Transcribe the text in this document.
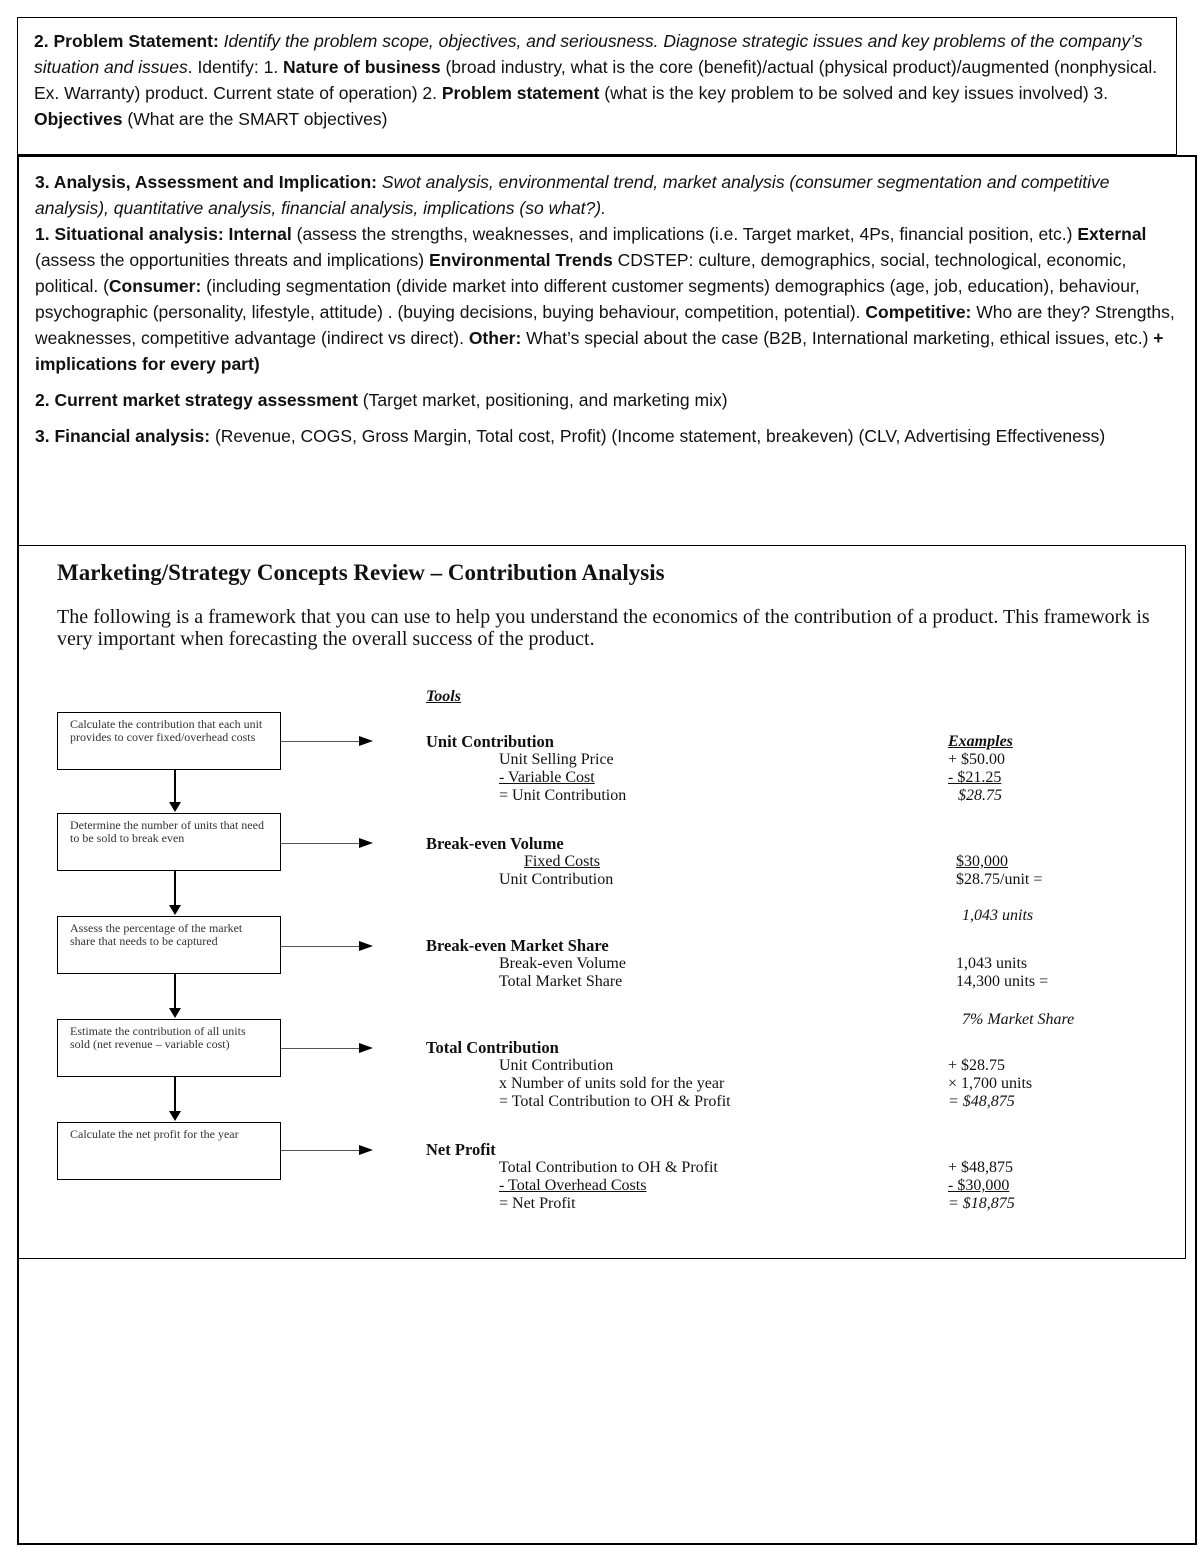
2. Problem Statement: Identify the problem scope, objectives, and seriousness. Diagnose strategic issues and key problems of the company’s situation and issues. Identify: 1. Nature of business (broad industry, what is the core (benefit)/actual (physical product)/augmented (nonphysical. Ex. Warranty) product. Current state of operation) 2. Problem statement (what is the key problem to be solved and key issues involved) 3. Objectives (What are the SMART objectives)

3. Analysis, Assessment and Implication: Swot analysis, environmental trend, market analysis (consumer segmentation and competitive analysis), quantitative analysis, financial analysis, implications (so what?).

1. Situational analysis: Internal (assess the strengths, weaknesses, and implications (i.e. Target market, 4Ps, financial position, etc.) External (assess the opportunities threats and implications) Environmental Trends CDSTEP: culture, demographics, social, technological, economic, political. (Consumer: (including segmentation (divide market into different customer segments) demographics (age, job, education), behaviour, psychographic (personality, lifestyle, attitude) . (buying decisions, buying behaviour, competition, potential). Competitive: Who are they? Strengths, weaknesses, competitive advantage (indirect vs direct). Other: What’s special about the case (B2B, International marketing, ethical issues, etc.) + implications for every part)

2. Current market strategy assessment (Target market, positioning, and marketing mix)

3. Financial analysis: (Revenue, COGS, Gross Margin, Total cost, Profit) (Income statement, breakeven) (CLV, Advertising Effectiveness)

Marketing/Strategy Concepts Review – Contribution Analysis
The following is a framework that you can use to help you understand the economics of the contribution of a product. This framework is very important when forecasting the overall success of the product.
Calculate the contribution that each unit provides to cover fixed/overhead costs
Determine the number of units that need to be sold to break even
Assess the percentage of the market share that needs to be captured
Estimate the contribution of all units sold (net revenue – variable cost)
Calculate the net profit for the year
Tools
Examples
Unit Contribution
Unit Selling Price
- Variable Cost
= Unit Contribution
+ $50.00
- $21.25
$28.75
Break-even Volume
Fixed Costs
Unit Contribution
$30,000
$28.75/unit =
1,043 units
Break-even Market Share
Break-even Volume
Total Market Share
1,043 units
14,300 units =
7% Market Share
Total Contribution
Unit Contribution
x Number of units sold for the year
= Total Contribution to OH & Profit
+ $28.75
× 1,700 units
= $48,875
Net Profit
Total Contribution to OH & Profit
- Total Overhead Costs
= Net Profit
+ $48,875
- $30,000
= $18,875
